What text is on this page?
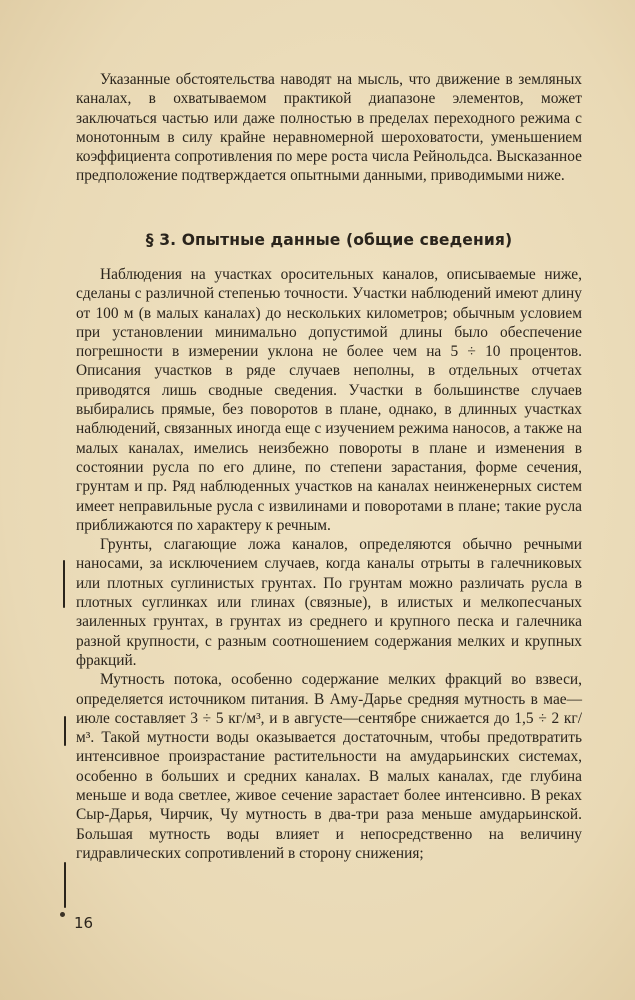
Указанные обстоятельства наводят на мысль, что движение в земляных каналах, в охватываемом практикой диапазоне элементов, может заключаться частью или даже полностью в пределах переходного режима с монотонным в силу крайне неравномерной шероховатости, уменьшением коэффициента сопротивления по мере роста числа Рейнольдса. Высказанное предположение подтверждается опытными данными, приводимыми ниже.

§ 3. Опытные данные (общие сведения)

Наблюдения на участках оросительных каналов, описываемые ниже, сделаны с различной степенью точности. Участки наблюдений имеют длину от 100 м (в малых каналах) до нескольких километров; обычным условием при установлении минимально допустимой длины было обеспечение погрешности в измерении уклона не более чем на 5 ÷ 10 процентов. Описания участков в ряде случаев неполны, в отдельных отчетах приводятся лишь сводные сведения. Участки в большинстве случаев выбирались прямые, без поворотов в плане, однако, в длинных участках наблюдений, связанных иногда еще с изучением режима наносов, а также на малых каналах, имелись неизбежно повороты в плане и изменения в состоянии русла по его длине, по степени зарастания, форме сечения, грунтам и пр. Ряд наблюденных участков на каналах неинженерных систем имеет неправильные русла с извилинами и поворотами в плане; такие русла приближаются по характеру к речным.

Грунты, слагающие ложа каналов, определяются обычно речными наносами, за исключением случаев, когда каналы отрыты в галечниковых или плотных суглинистых грунтах. По грунтам можно различать русла в плотных суглинках или глинах (связные), в илистых и мелкопесчаных заиленных грунтах, в грунтах из среднего и крупного песка и галечника разной крупности, с разным соотношением содержания мелких и крупных фракций.

Мутность потока, особенно содержание мелких фракций во взвеси, определяется источником питания. В Аму-Дарье средняя мутность в мае—июле составляет 3 ÷ 5 кг/м³, и в августе—сентябре снижается до 1,5 ÷ 2 кг/м³. Такой мутности воды оказывается достаточным, чтобы предотвратить интенсивное произрастание растительности на амударьинских системах, особенно в больших и средних каналах. В малых каналах, где глубина меньше и вода светлее, живое сечение зарастает более интенсивно. В реках Сыр-Дарья, Чирчик, Чу мутность в два-три раза меньше амударьинской. Большая мутность воды влияет и непосредственно на величину гидравлических сопротивлений в сторону снижения;

16
